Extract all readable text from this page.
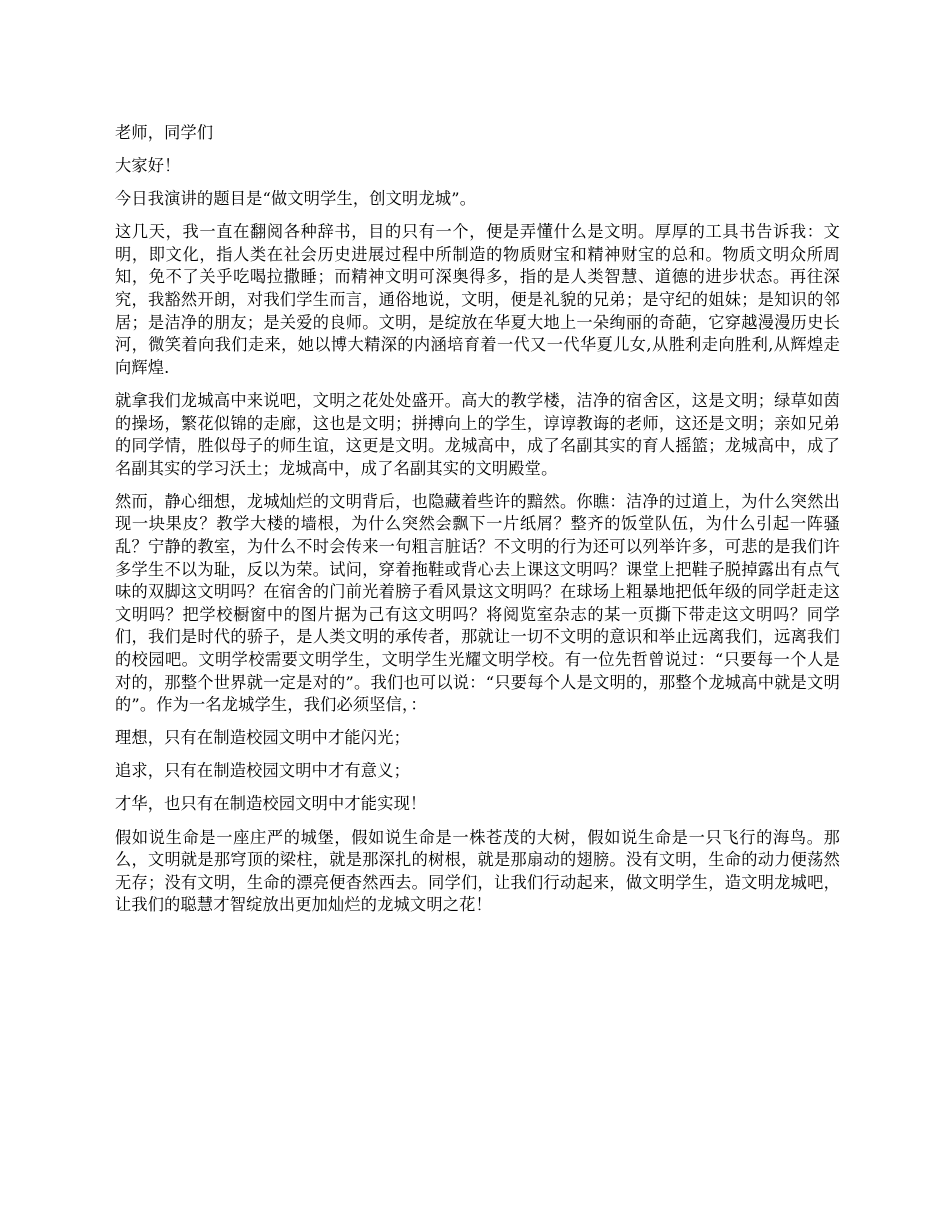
老师，同学们

大家好！

今日我演讲的题目是“做文明学生，创文明龙城”。

这几天，我一直在翻阅各种辞书，目的只有一个，便是弄懂什么是文明。厚厚的工具书告诉我：文明，即文化，指人类在社会历史进展过程中所制造的物质财宝和精神财宝的总和。物质文明众所周知，免不了关乎吃喝拉撒睡；而精神文明可深奥得多，指的是人类智慧、道德的进步状态。再往深究，我豁然开朗，对我们学生而言，通俗地说，文明，便是礼貌的兄弟；是守纪的姐妹；是知识的邻居；是洁净的朋友；是关爱的良师。文明，是绽放在华夏大地上一朵绚丽的奇葩，它穿越漫漫历史长河，微笑着向我们走来，她以博大精深的内涵培育着一代又一代华夏儿女,从胜利走向胜利,从辉煌走向辉煌.

就拿我们龙城高中来说吧，文明之花处处盛开。高大的教学楼，洁净的宿舍区，这是文明；绿草如茵的操场，繁花似锦的走廊，这也是文明；拼搏向上的学生，谆谆教诲的老师，这还是文明；亲如兄弟的同学情，胜似母子的师生谊，这更是文明。龙城高中，成了名副其实的育人摇篮；龙城高中，成了名副其实的学习沃土；龙城高中，成了名副其实的文明殿堂。

然而，静心细想，龙城灿烂的文明背后，也隐藏着些许的黯然。你瞧：洁净的过道上，为什么突然出现一块果皮？教学大楼的墙根，为什么突然会飘下一片纸屑？整齐的饭堂队伍，为什么引起一阵骚乱？宁静的教室，为什么不时会传来一句粗言脏话？不文明的行为还可以列举许多，可悲的是我们许多学生不以为耻，反以为荣。试问，穿着拖鞋或背心去上课这文明吗？课堂上把鞋子脱掉露出有点气味的双脚这文明吗？在宿舍的门前光着膀子看风景这文明吗？在球场上粗暴地把低年级的同学赶走这文明吗？把学校橱窗中的图片据为己有这文明吗？将阅览室杂志的某一页撕下带走这文明吗？同学们，我们是时代的骄子，是人类文明的承传者，那就让一切不文明的意识和举止远离我们，远离我们的校园吧。文明学校需要文明学生，文明学生光耀文明学校。有一位先哲曾说过：“只要每一个人是对的，那整个世界就一定是对的”。我们也可以说：“只要每个人是文明的，那整个龙城高中就是文明的”。作为一名龙城学生，我们必须坚信，：

理想，只有在制造校园文明中才能闪光；

追求，只有在制造校园文明中才有意义；

才华，也只有在制造校园文明中才能实现！

假如说生命是一座庄严的城堡，假如说生命是一株苍茂的大树，假如说生命是一只飞行的海鸟。那么，文明就是那穹顶的梁柱，就是那深扎的树根，就是那扇动的翅膀。没有文明，生命的动力便荡然无存；没有文明，生命的漂亮便杳然西去。同学们，让我们行动起来，做文明学生，造文明龙城吧，让我们的聪慧才智绽放出更加灿烂的龙城文明之花！
